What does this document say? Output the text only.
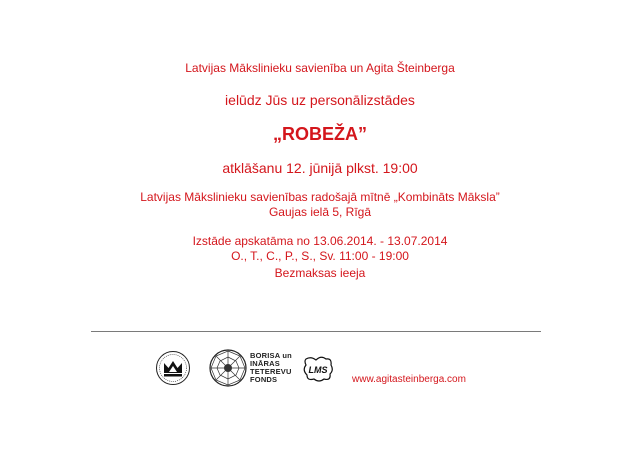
Latvijas Mākslinieku savienība un Agita Šteinberga
ielūdz Jūs uz personālizstādes
„ROBEŽA”
atklāšanu 12. jūnijā plkst. 19:00
Latvijas Mākslinieku savienības radošajā mītnē „Kombināts Māksla”
Gaujas ielā 5, Rīgā
Izstāde apskatāma no 13.06.2014. - 13.07.2014
O., T., C., P., S., Sv. 11:00 - 19:00
Bezmaksas ieeja
BORISA un
INĀRAS
TETEREVU
FONDS
LMS
www.agitasteinberga.com
